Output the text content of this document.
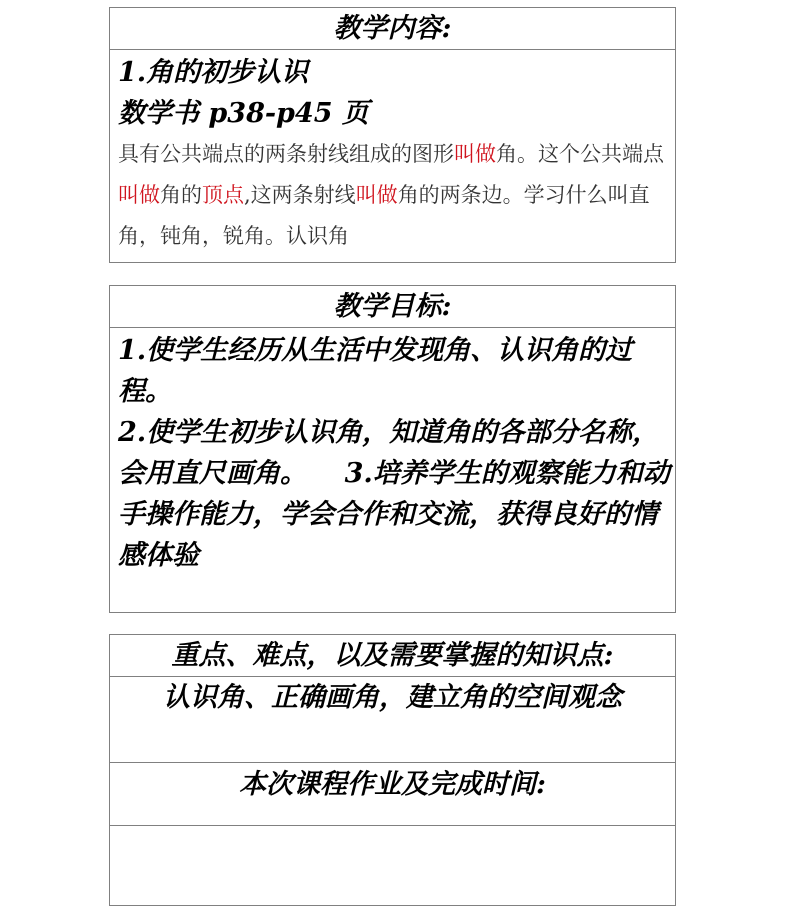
教学内容:
1.角的初步认识
数学书 p38-p45 页
具有公共端点的两条射线组成的图形叫做角。这个公共端点叫做角的顶点,这两条射线叫做角的两条边。学习什么叫直角，钝角，锐角。认识角
教学目标:
1.使学生经历从生活中发现角、认识角的过程。
2.使学生初步认识角，知道角的各部分名称，会用直尺画角。 3.培养学生的观察能力和动手操作能力，学会合作和交流，获得良好的情感体验
重点、难点，以及需要掌握的知识点:
认识角、正确画角，建立角的空间观念
本次课程作业及完成时间:
